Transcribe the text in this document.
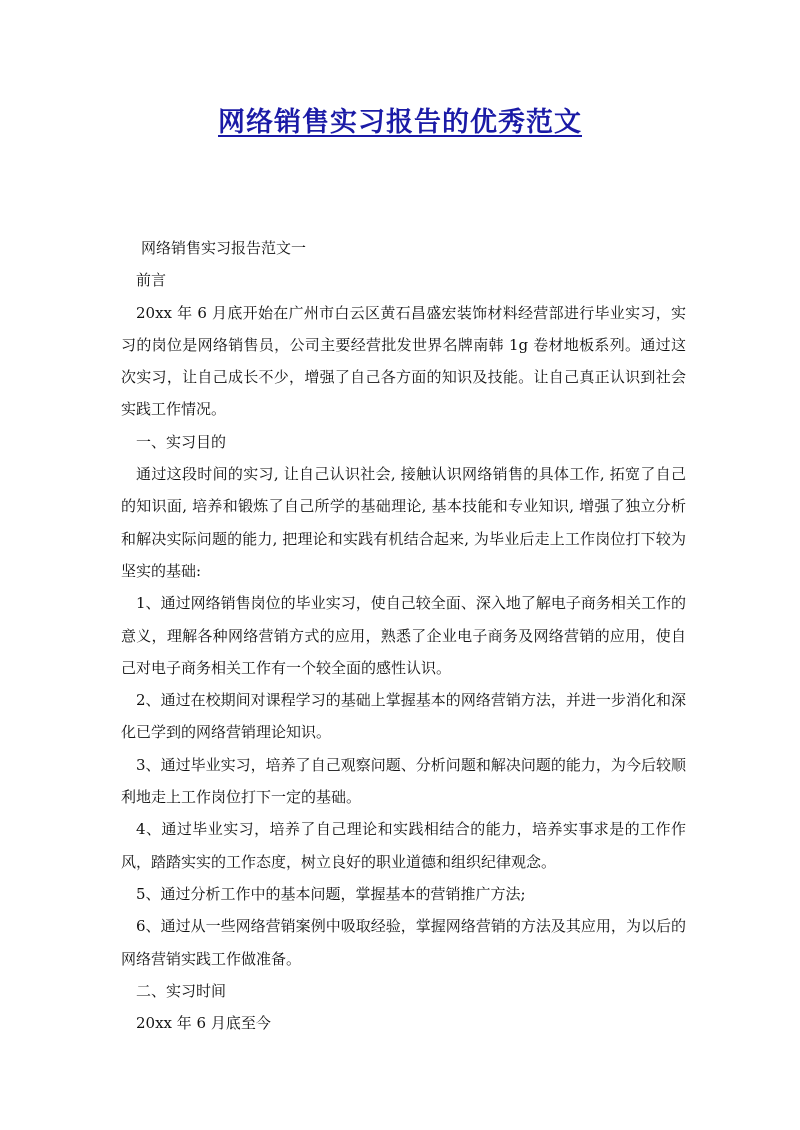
网络销售实习报告的优秀范文

网络销售实习报告范文一

前言

20xx 年 6 月底开始在广州市白云区黄石昌盛宏装饰材料经营部进行毕业实习，实习的岗位是网络销售员，公司主要经营批发世界名牌南韩 1g 卷材地板系列。通过这次实习，让自己成长不少，增强了自己各方面的知识及技能。让自己真正认识到社会实践工作情况。

一、实习目的

通过这段时间的实习, 让自己认识社会, 接触认识网络销售的具体工作, 拓宽了自己的知识面, 培养和锻炼了自己所学的基础理论, 基本技能和专业知识, 增强了独立分析和解决实际问题的能力, 把理论和实践有机结合起来, 为毕业后走上工作岗位打下较为坚实的基础:

1、通过网络销售岗位的毕业实习，使自己较全面、深入地了解电子商务相关工作的意义，理解各种网络营销方式的应用，熟悉了企业电子商务及网络营销的应用，使自己对电子商务相关工作有一个较全面的感性认识。

2、通过在校期间对课程学习的基础上掌握基本的网络营销方法，并进一步消化和深化已学到的网络营销理论知识。

3、通过毕业实习，培养了自己观察问题、分析问题和解决问题的能力，为今后较顺利地走上工作岗位打下一定的基础。

4、通过毕业实习，培养了自己理论和实践相结合的能力，培养实事求是的工作作风，踏踏实实的工作态度，树立良好的职业道德和组织纪律观念。

5、通过分析工作中的基本问题，掌握基本的营销推广方法;

6、通过从一些网络营销案例中吸取经验，掌握网络营销的方法及其应用，为以后的网络营销实践工作做准备。

二、实习时间

20xx 年 6 月底至今
